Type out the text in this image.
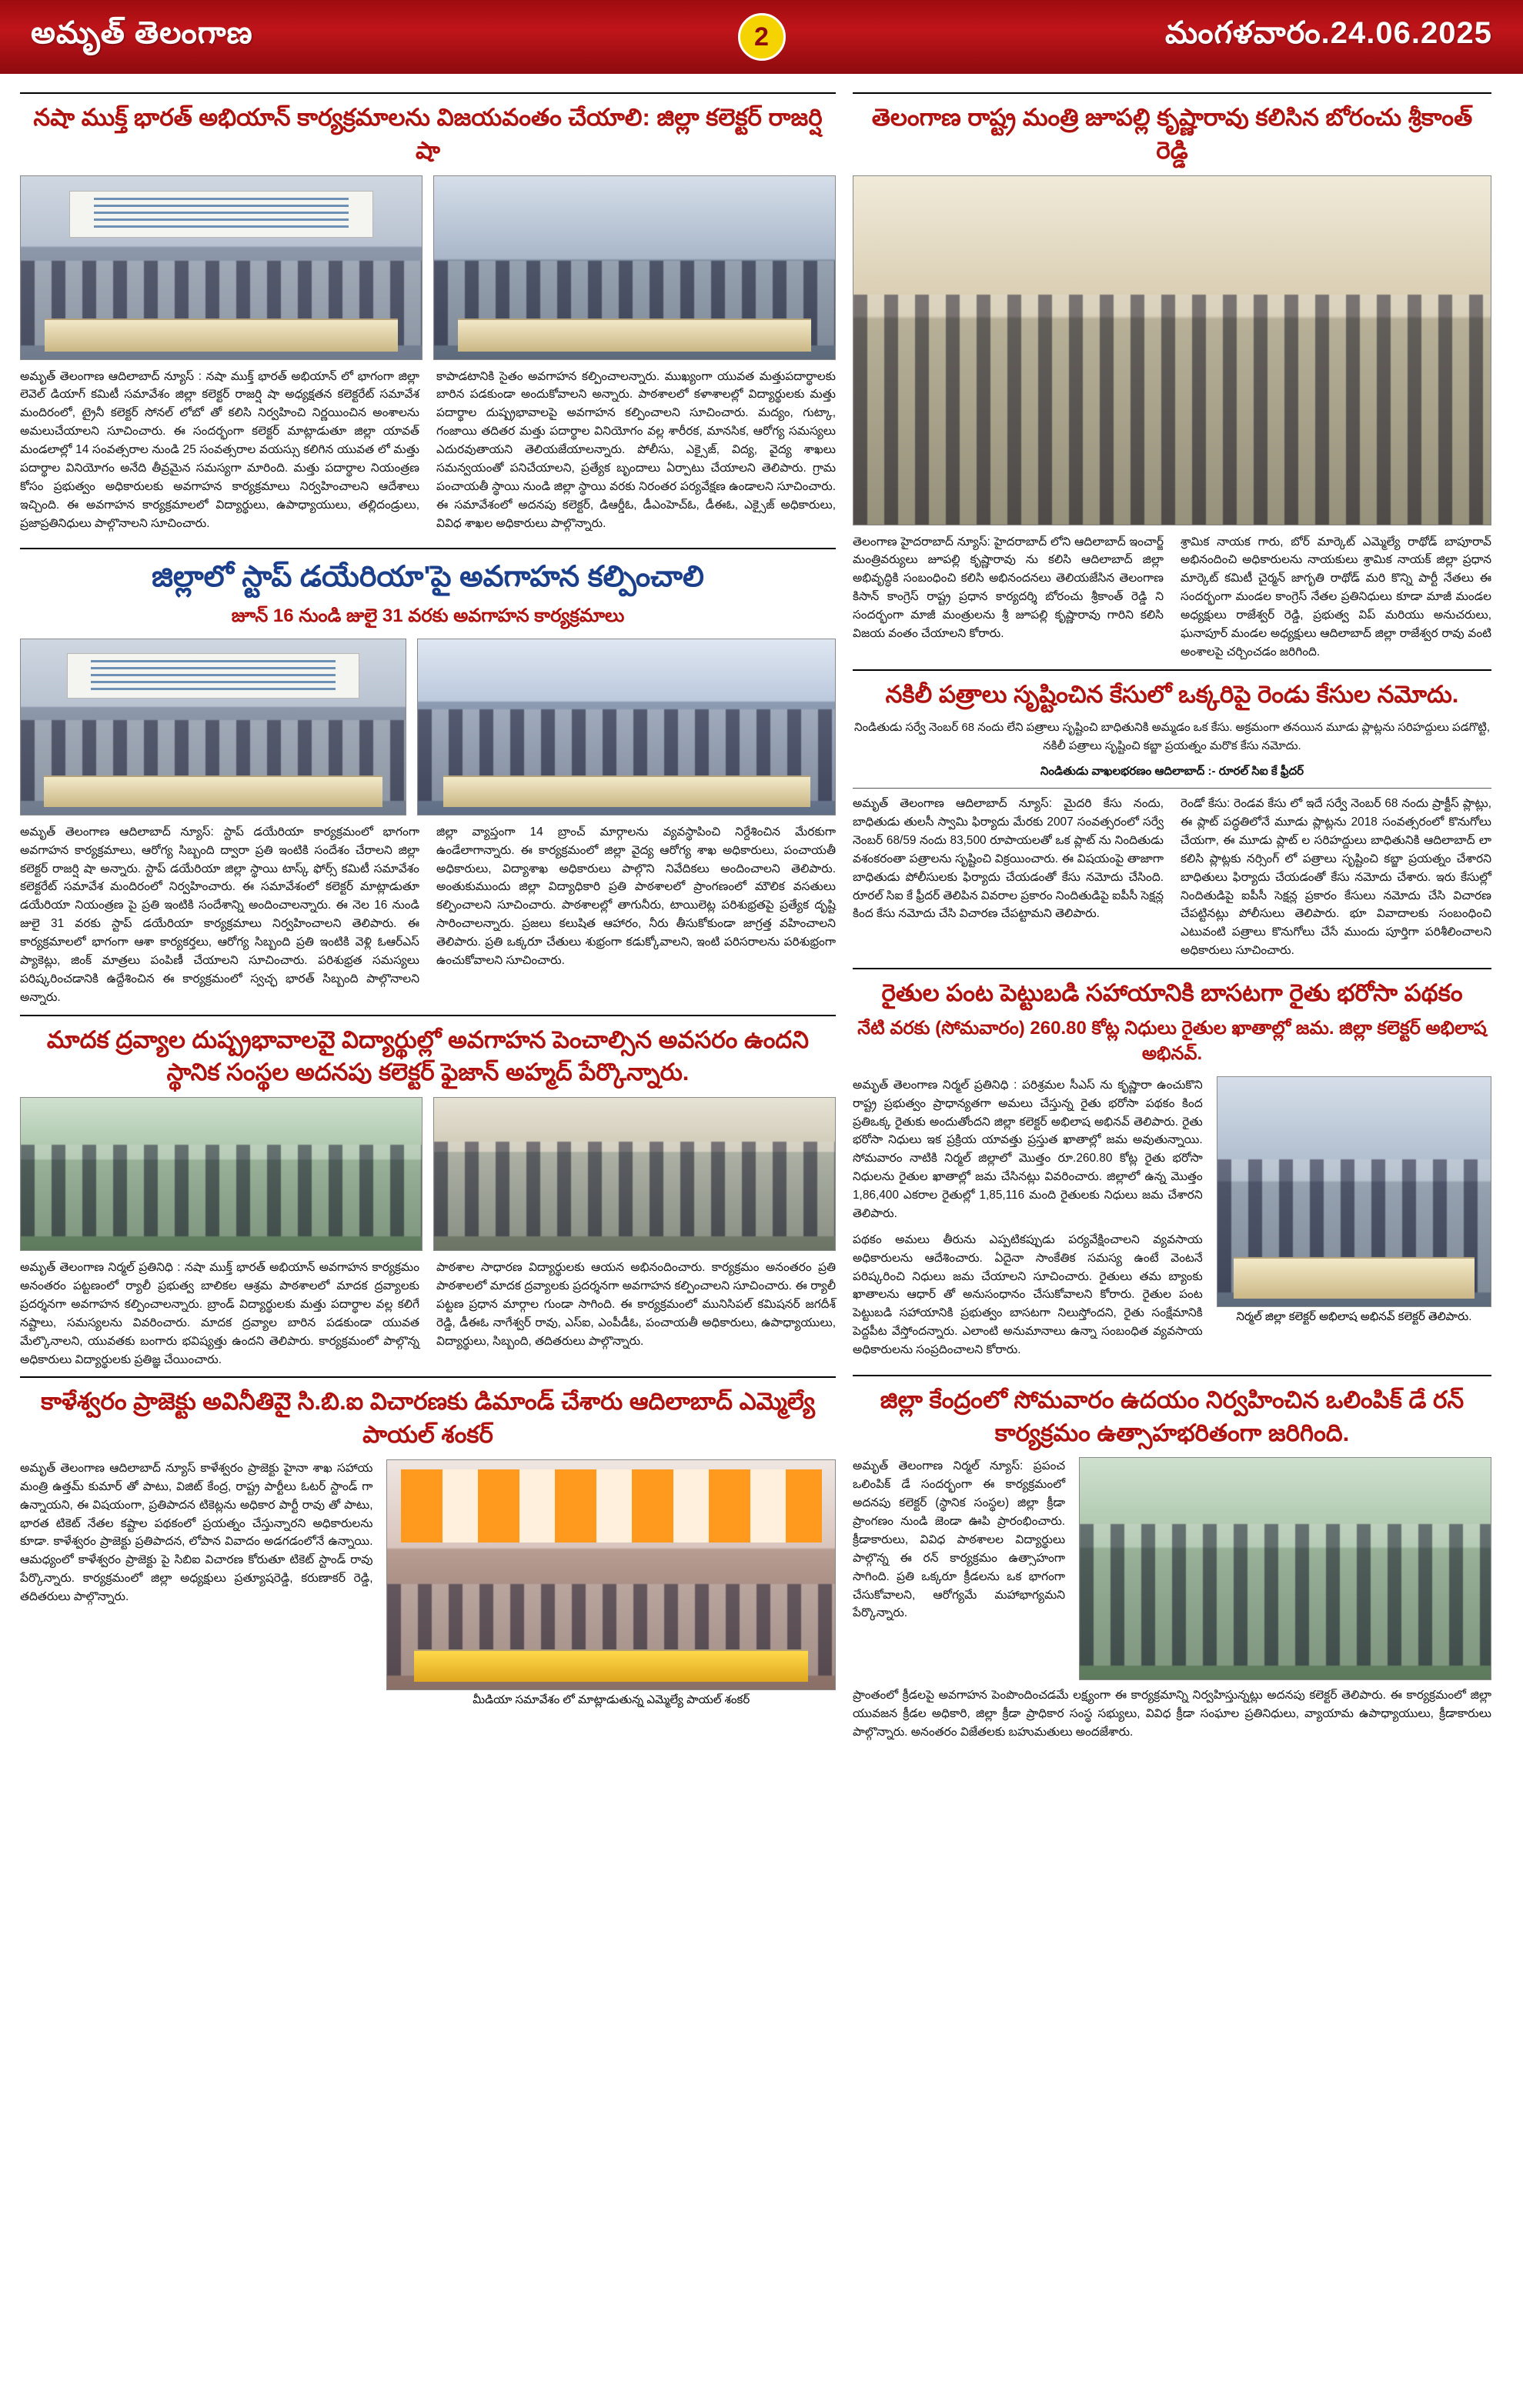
అమృత్ తెలంగాణ	2	మంగళవారం.24.06.2025
నషా ముక్త్ భారత్ అభియాన్ కార్యక్రమాలను విజయవంతం చేయాలి: జిల్లా కలెక్టర్ రాజర్షి షా

అమృత్ తెలంగాణ ఆదిలాబాద్ న్యూస్ : నషా ముక్త్ భారత్ అభియాన్ లో భాగంగా జిల్లా లెవెల్ డియాగ్ కమిటీ సమావేశం జిల్లా కలెక్టర్ రాజర్షి షా అధ్యక్షతన కలెక్టరేట్ సమావేశ మందిరంలో, ట్రైనీ కలెక్టర్ సోనల్ లోబో తో కలిసి నిర్వహించి నిర్ణయించిన అంశాలను అమలుచేయాలని సూచించారు. ఈ సందర్భంగా కలెక్టర్ మాట్లాడుతూ జిల్లా యావత్ మండలాల్లో 14 సంవత్సరాల నుండి 25 సంవత్సరాల వయస్సు కలిగిన యువత లో మత్తు పదార్థాల వినియోగం అనేది తీవ్రమైన సమస్యగా మారింది. మత్తు పదార్థాల నియంత్రణ కోసం ప్రభుత్వం అధికారులకు అవగాహన కార్యక్రమాలు నిర్వహించాలని ఆదేశాలు ఇచ్చింది. ఈ అవగాహన కార్యక్రమాలలో విద్యార్థులు, ఉపాధ్యాయులు, తల్లిదండ్రులు, ప్రజాప్రతినిధులు పాల్గొనాలని సూచించారు.

కాపాడటానికి సైతం అవగాహన కల్పించాలన్నారు. ముఖ్యంగా యువత మత్తుపదార్థాలకు బారిన పడకుండా అందుకోవాలని అన్నారు. పాఠశాలలో కళాశాలల్లో విద్యార్థులకు మత్తు పదార్థాల దుష్ప్రభావాలపై అవగాహన కల్పించాలని సూచించారు. మద్యం, గుట్కా, గంజాయి తదితర మత్తు పదార్థాల వినియోగం వల్ల శారీరక, మానసిక, ఆరోగ్య సమస్యలు ఎదురవుతాయని తెలియజేయాలన్నారు. పోలీసు, ఎక్సైజ్, విద్య, వైద్య శాఖలు సమన్వయంతో పనిచేయాలని, ప్రత్యేక బృందాలు ఏర్పాటు చేయాలని తెలిపారు. గ్రామ పంచాయతీ స్థాయి నుండి జిల్లా స్థాయి వరకు నిరంతర పర్యవేక్షణ ఉండాలని సూచించారు. ఈ సమావేశంలో అదనపు కలెక్టర్, డిఆర్డీఓ, డీఎంహెచ్ఓ, డీఈఓ, ఎక్సైజ్ అధికారులు, వివిధ శాఖల అధికారులు పాల్గొన్నారు.

జిల్లాలో స్టాప్ డయేరియా'పై అవగాహన కల్పించాలి
జూన్ 16 నుండి జులై 31 వరకు అవగాహన కార్యక్రమాలు

అమృత్ తెలంగాణ ఆదిలాబాద్ న్యూస్: స్టాప్ డయేరియా కార్యక్రమంలో భాగంగా అవగాహన కార్యక్రమాలు, ఆరోగ్య సిబ్బంది ద్వారా ప్రతి ఇంటికి సందేశం చేరాలని జిల్లా కలెక్టర్ రాజర్షి షా అన్నారు. స్టాప్ డయేరియా జిల్లా స్థాయి టాస్క్ ఫోర్స్ కమిటీ సమావేశం కలెక్టరేట్ సమావేశ మందిరంలో నిర్వహించారు. ఈ సమావేశంలో కలెక్టర్ మాట్లాడుతూ డయేరియా నియంత్రణ పై ప్రతి ఇంటికి సందేశాన్ని అందించాలన్నారు. ఈ నెల 16 నుండి జులై 31 వరకు స్టాప్ డయేరియా కార్యక్రమాలు నిర్వహించాలని తెలిపారు. ఈ కార్యక్రమాలలో భాగంగా ఆశా కార్యకర్తలు, ఆరోగ్య సిబ్బంది ప్రతి ఇంటికి వెళ్లి ఓఆర్ఎస్ ప్యాకెట్లు, జింక్ మాత్రలు పంపిణీ చేయాలని సూచించారు. పరిశుభ్రత సమస్యలు పరిష్కరించడానికి ఉద్దేశించిన ఈ కార్యక్రమంలో స్వచ్ఛ భారత్ సిబ్బంది పాల్గొనాలని అన్నారు.

జిల్లా వ్యాప్తంగా 14 బ్రాంచ్ మార్గాలను వ్యవస్థాపించి నిర్దేశించిన మేరకుగా ఉండేలాగాన్నారు. ఈ కార్యక్రమంలో జిల్లా వైద్య ఆరోగ్య శాఖ అధికారులు, పంచాయతీ అధికారులు, విద్యాశాఖ అధికారులు పాల్గొని నివేదికలు అందించాలని తెలిపారు. అంతుకుముందు జిల్లా విద్యాధికారి ప్రతి పాఠశాలలో ప్రాంగణంలో మౌలిక వసతులు కల్పించాలని సూచించారు. పాఠశాలల్లో తాగునీరు, టాయిలెట్ల పరిశుభ్రతపై ప్రత్యేక దృష్టి సారించాలన్నారు. ప్రజలు కలుషిత ఆహారం, నీరు తీసుకోకుండా జాగ్రత్త వహించాలని తెలిపారు. ప్రతి ఒక్కరూ చేతులు శుభ్రంగా కడుక్కోవాలని, ఇంటి పరిసరాలను పరిశుభ్రంగా ఉంచుకోవాలని సూచించారు.

మాదక ద్రవ్యాల దుష్ప్రభావాలపైె విద్యార్థుల్లో అవగాహన పెంచాల్సిన అవసరం ఉందని స్థానిక సంస్థల అదనపు కలెక్టర్ ఫైజాన్ అహ్మద్ పేర్కొన్నారు.

అమృత్ తెలంగాణ నిర్మల్ ప్రతినిధి : నషా ముక్త్ భారత్ అభియాన్ అవగాహన కార్యక్రమం అనంతరం పట్టణంలో ర్యాలీ ప్రభుత్వ బాలికల ఆశ్రమ పాఠశాలలో మాదక ద్రవ్యాలకు ప్రదర్శనగా అవగాహన కల్పించాలన్నారు. బ్రాండ్ విద్యార్థులకు మత్తు పదార్థాల వల్ల కలిగే నష్టాలు, సమస్యలను వివరించారు. మాదక ద్రవ్యాల బారిన పడకుండా యువత మేల్కొనాలని, యువతకు బంగారు భవిష్యత్తు ఉందని తెలిపారు. కార్యక్రమంలో పాల్గొన్న అధికారులు విద్యార్థులకు ప్రతిజ్ఞ చేయించారు.

పాఠశాల సాధారణ విద్యార్థులకు ఆయన అభినందించారు. కార్యక్రమం అనంతరం ప్రతి పాఠశాలలో మాదక ద్రవ్యాలకు ప్రదర్శనగా అవగాహన కల్పించాలని సూచించారు. ఈ ర్యాలీ పట్టణ ప్రధాన మార్గాల గుండా సాగింది. ఈ కార్యక్రమంలో మునిసిపల్ కమిషనర్ జగదీశ్ రెడ్డి, డీఈఓ నాగేశ్వర్ రావు, ఎస్ఐ, ఎంపీడీఓ, పంచాయతీ అధికారులు, ఉపాధ్యాయులు, విద్యార్థులు, సిబ్బంది, తదితరులు పాల్గొన్నారు.

కాళేశ్వరం ప్రాజెక్టు అవినీతిపైె సి.బి.ఐ విచారణకు డిమాండ్ చేశారు ఆదిలాబాద్ ఎమ్మెల్యే పాయల్ శంకర్

అమృత్ తెలంగాణ ఆదిలాబాద్ న్యూస్ కాళేశ్వరం ప్రాజెక్టు హైనా శాఖ సహాయ మంత్రి ఉత్తమ్ కుమార్ తో పాటు, విజిట్ కేంద్ర, రాష్ట్ర పార్టీలు ఓటర్ స్టాండ్ గా ఉన్నాయని, ఈ విషయంగా, ప్రతిపాదన టికెట్లను అధికార పార్టీ రావు తో పాటు, భారత టికెట్ నేతల కష్టాల పథకంలో ప్రయత్నం చేస్తున్నారని అధికారులను కూడా. కాళేశ్వరం ప్రాజెక్టు ప్రతిపాదన, లోపాన వివాదం అడగడంలోనే ఉన్నాయి. ఆమధ్యంలో కాళేశ్వరం ప్రాజెక్టు పై సిబిఐ విచారణ కోరుతూ టికెట్ స్టాండ్ రావు పేర్కొన్నారు. కార్యక్రమంలో జిల్లా అధ్యక్షులు ప్రత్యూషరెడ్డి, కరుణాకర్ రెడ్డి, తదితరులు పాల్గొన్నారు.

మీడియా సమావేశం లో మాట్లాడుతున్న ఎమ్మెల్యే పాయల్ శంకర్
తెలంగాణ రాష్ట్ర మంత్రి జూపల్లి కృష్ణారావు కలిసిన బోరంచు శ్రీకాంత్ రెడ్డి

తెలంగాణ హైదరాబాద్ న్యూస్: హైదరాబాద్ లోని ఆదిలాబాద్ ఇంచార్జ్ మంత్రివర్యులు జూపల్లి కృష్ణారావు ను కలిసి ఆదిలాబాద్ జిల్లా అభివృద్ధికి సంబంధించి కలిసి అభినందనలు తెలియజేసిన తెలంగాణ కిసాన్ కాంగ్రెస్ రాష్ట్ర ప్రధాన కార్యదర్శి బోరంచు శ్రీకాంత్ రెడ్డి ని సందర్భంగా మాజీ మంత్రులను శ్రీ జూపల్లి కృష్ణారావు గారిని కలిసి విజయ వంతం చేయాలని కోరారు.

శ్రామిక నాయక గారు, బోర్ మార్కెట్ ఎమ్మెల్యే రాథోడ్ బాపూరావ్ అభినందించి అధికారులను నాయకులు శ్రామిక నాయక్ జిల్లా ప్రధాన మార్కెట్ కమిటీ చైర్మన్ జాగృతి రాథోడ్ మరి కొన్ని పార్టీ నేతలు ఈ సందర్భంగా మండల కాంగ్రెస్ నేతల ప్రతినిధులు కూడా మాజీ మండల అధ్యక్షులు రాజేశ్వర్ రెడ్డి, ప్రభుత్వ విప్ మరియు అనుచరులు, ఘనాపూర్ మండల అధ్యక్షులు ఆదిలాబాద్ జిల్లా రాజేశ్వర రావు వంటి అంశాలపై చర్చించడం జరిగింది.

నకిలీ పత్రాలు సృష్టించిన కేసులో ఒక్కరిపై రెండు కేసుల నమోదు.

నిండితుడు సర్వే నెంబర్ 68 నందు లేని పత్రాలు సృష్టించి బాధితునికి అమ్మడం ఒక కేసు. అక్రమంగా తనయిన మూడు ప్లాట్లను సరిహద్దులు పడగొట్టి, నకిలీ పత్రాలు సృష్టించి కబ్జా ప్రయత్నం మరొక కేసు నమోదు.

నిండితుడు వాఖలభరణం ఆదిలాబాద్ :- రూరల్ సిఐ కే ఫ్రీదర్

అమృత్ తెలంగాణ ఆదిలాబాద్ న్యూస్: మైదరి కేసు నందు, బాధితుడు తులసీ స్వామి ఫిర్యాదు మేరకు 2007 సంవత్సరంలో సర్వే నెంబర్ 68/59 నందు 83,500 రూపాయలతో ఒక ప్లాట్ ను నిందితుడు వశంకరంతా పత్రాలను సృష్టించి విక్రయించారు. ఈ విషయంపై తాజాగా బాధితుడు పోలీసులకు ఫిర్యాదు చేయడంతో కేసు నమోదు చేసింది. రూరల్ సిఐ కే ఫ్రీదర్ తెలిపిన వివరాల ప్రకారం నిందితుడిపై ఐపీసీ సెక్షన్ల కింద కేసు నమోదు చేసి విచారణ చేపట్టామని తెలిపారు.

రెండో కేసు: రెండవ కేసు లో ఇదే సర్వే నెంబర్ 68 నందు ప్రాక్టీస్ ప్లాట్లు, ఈ ప్లాట్ పద్ధతిలోనే మూడు ప్లాట్లను 2018 సంవత్సరంలో కొనుగోలు చేయగా, ఈ మూడు ప్లాట్ ల సరిహద్దులు బాధితునికి ఆదిలాబాద్ లా కలిసి ప్లాట్లకు నర్సింగ్ లో పత్రాలు సృష్టించి కబ్జా ప్రయత్నం చేశారని బాధితులు ఫిర్యాదు చేయడంతో కేసు నమోదు చేశారు. ఇరు కేసుల్లో నిందితుడిపై ఐపీసీ సెక్షన్ల ప్రకారం కేసులు నమోదు చేసి విచారణ చేపట్టినట్లు పోలీసులు తెలిపారు. భూ వివాదాలకు సంబంధించి ఎటువంటి పత్రాలు కొనుగోలు చేసే ముందు పూర్తిగా పరిశీలించాలని అధికారులు సూచించారు.

రైతుల పంట పెట్టుబడి సహాయానికి బాసటగా రైతు భరోసా పథకం
నేటి వరకు (సోమవారం) 260.80 కోట్ల నిధులు రైతుల ఖాతాల్లో జమ. జిల్లా కలెక్టర్ అభిలాష అభినవ్.

అమృత్ తెలంగాణ నిర్మల్ ప్రతినిధి : పరిశ్రమల సీఎస్ ను కృష్ణారా ఉంచుకొని రాష్ట్ర ప్రభుత్వం ప్రాధాన్యతగా అమలు చేస్తున్న రైతు భరోసా పథకం కింద ప్రతిఒక్క రైతుకు అందుతోందని జిల్లా కలెక్టర్ అభిలాష అభినవ్ తెలిపారు. రైతు భరోసా నిధులు ఇక ప్రక్రియ యావత్తు ప్రస్తుత ఖాతాల్లో జమ అవుతున్నాయి. సోమవారం నాటికి నిర్మల్ జిల్లాలో మొత్తం రూ.260.80 కోట్ల రైతు భరోసా నిధులను రైతుల ఖాతాల్లో జమ చేసినట్లు వివరించారు. జిల్లాలో ఉన్న మొత్తం 1,86,400 ఎకరాల రైతుల్లో 1,85,116 మంది రైతులకు నిధులు జమ చేశారని తెలిపారు.

పథకం అమలు తీరును ఎప్పటికప్పుడు పర్యవేక్షించాలని వ్యవసాయ అధికారులను ఆదేశించారు. ఏదైనా సాంకేతిక సమస్య ఉంటే వెంటనే పరిష్కరించి నిధులు జమ చేయాలని సూచించారు. రైతులు తమ బ్యాంకు ఖాతాలను ఆధార్ తో అనుసంధానం చేసుకోవాలని కోరారు. రైతుల పంట పెట్టుబడి సహాయానికి ప్రభుత్వం బాసటగా నిలుస్తోందని, రైతు సంక్షేమానికి పెద్దపీట వేస్తోందన్నారు. ఎలాంటి అనుమానాలు ఉన్నా సంబంధిత వ్యవసాయ అధికారులను సంప్రదించాలని కోరారు.

నిర్మల్ జిల్లా కలెక్టర్ అభిలాష అభినవ్ కలెక్టర్ తెలిపారు.
జిల్లా కేంద్రంలో సోమవారం ఉదయం నిర్వహించిన ఒలింపిక్ డే రన్ కార్యక్రమం ఉత్సాహభరితంగా జరిగింది.

అమృత్ తెలంగాణ నిర్మల్ న్యూస్: ప్రపంచ ఒలింపిక్ డే సందర్భంగా ఈ కార్యక్రమంలో అదనపు కలెక్టర్ (స్థానిక సంస్థల) జిల్లా క్రీడా ప్రాంగణం నుండి జెండా ఊపి ప్రారంభించారు. క్రీడాకారులు, వివిధ పాఠశాలల విద్యార్థులు పాల్గొన్న ఈ రన్ కార్యక్రమం ఉత్సాహంగా సాగింది. ప్రతి ఒక్కరూ క్రీడలను ఒక భాగంగా చేసుకోవాలని, ఆరోగ్యమే మహాభాగ్యమని పేర్కొన్నారు.

ప్రాంతంలో క్రీడలపై అవగాహన పెంపొందించడమే లక్ష్యంగా ఈ కార్యక్రమాన్ని నిర్వహిస్తున్నట్లు అదనపు కలెక్టర్ తెలిపారు. ఈ కార్యక్రమంలో జిల్లా యువజన క్రీడల అధికారి, జిల్లా క్రీడా ప్రాధికార సంస్థ సభ్యులు, వివిధ క్రీడా సంఘాల ప్రతినిధులు, వ్యాయామ ఉపాధ్యాయులు, క్రీడాకారులు పాల్గొన్నారు. అనంతరం విజేతలకు బహుమతులు అందజేశారు.
